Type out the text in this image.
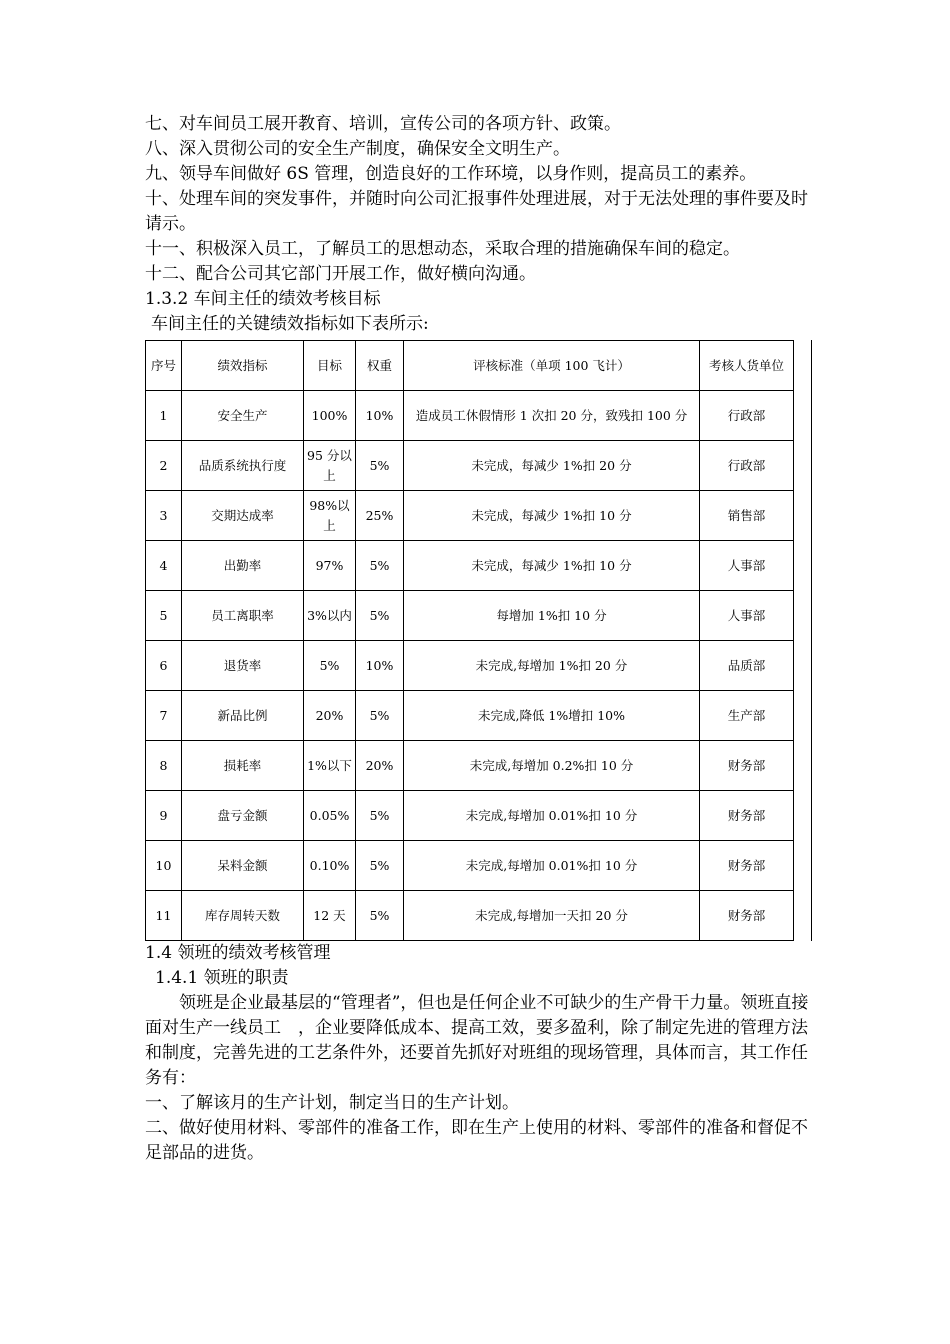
七、对车间员工展开教育、培训，宣传公司的各项方针、政策。

八、深入贯彻公司的安全生产制度，确保安全文明生产。

九、领导车间做好 6S 管理，创造良好的工作环境，以身作则，提高员工的素养。

十、处理车间的突发事件，并随时向公司汇报事件处理进展，对于无法处理的事件要及时请示。

十一、积极深入员工，了解员工的思想动态，采取合理的措施确保车间的稳定。

十二、配合公司其它部门开展工作，做好横向沟通。

1.3.2 车间主任的绩效考核目标

车间主任的关键绩效指标如下表所示:

序号	绩效指标	目标	权重	评核标准（单项 100 飞计）	考核人货单位
1	安全生产	100%	10%	造成员工休假情形 1 次扣 20 分，致残扣 100 分	行政部
2	品质系统执行度	95 分以上	5%	未完成，每减少 1%扣 20 分	行政部
3	交期达成率	98%以上	25%	未完成，每减少 1%扣 10 分	销售部
4	出勤率	97%	5%	未完成，每减少 1%扣 10 分	人事部
5	员工离职率	3%以内	5%	每增加 1%扣 10 分	人事部
6	退货率	5%	10%	未完成,每增加 1%扣 20 分	品质部
7	新品比例	20%	5%	未完成,降低 1%增扣 10%	生产部
8	损耗率	1%以下	20%	未完成,每增加 0.2%扣 10 分	财务部
9	盘亏金额	0.05%	5%	未完成,每增加 0.01%扣 10 分	财务部
10	呆料金额	0.10%	5%	未完成,每增加 0.01%扣 10 分	财务部
11	库存周转天数	12 天	5%	未完成,每增加一天扣 20 分	财务部

1.4 领班的绩效考核管理

1.4.1 领班的职责

领班是企业最基层的“管理者”，但也是任何企业不可缺少的生产骨干力量。领班直接面对生产一线员工　，企业要降低成本、提高工效，要多盈利，除了制定先进的管理方法和制度，完善先进的工艺条件外，还要首先抓好对班组的现场管理，具体而言，其工作任务有：

一、了解该月的生产计划，制定当日的生产计划。

二、做好使用材料、零部件的准备工作，即在生产上使用的材料、零部件的准备和督促不足部品的进货。
